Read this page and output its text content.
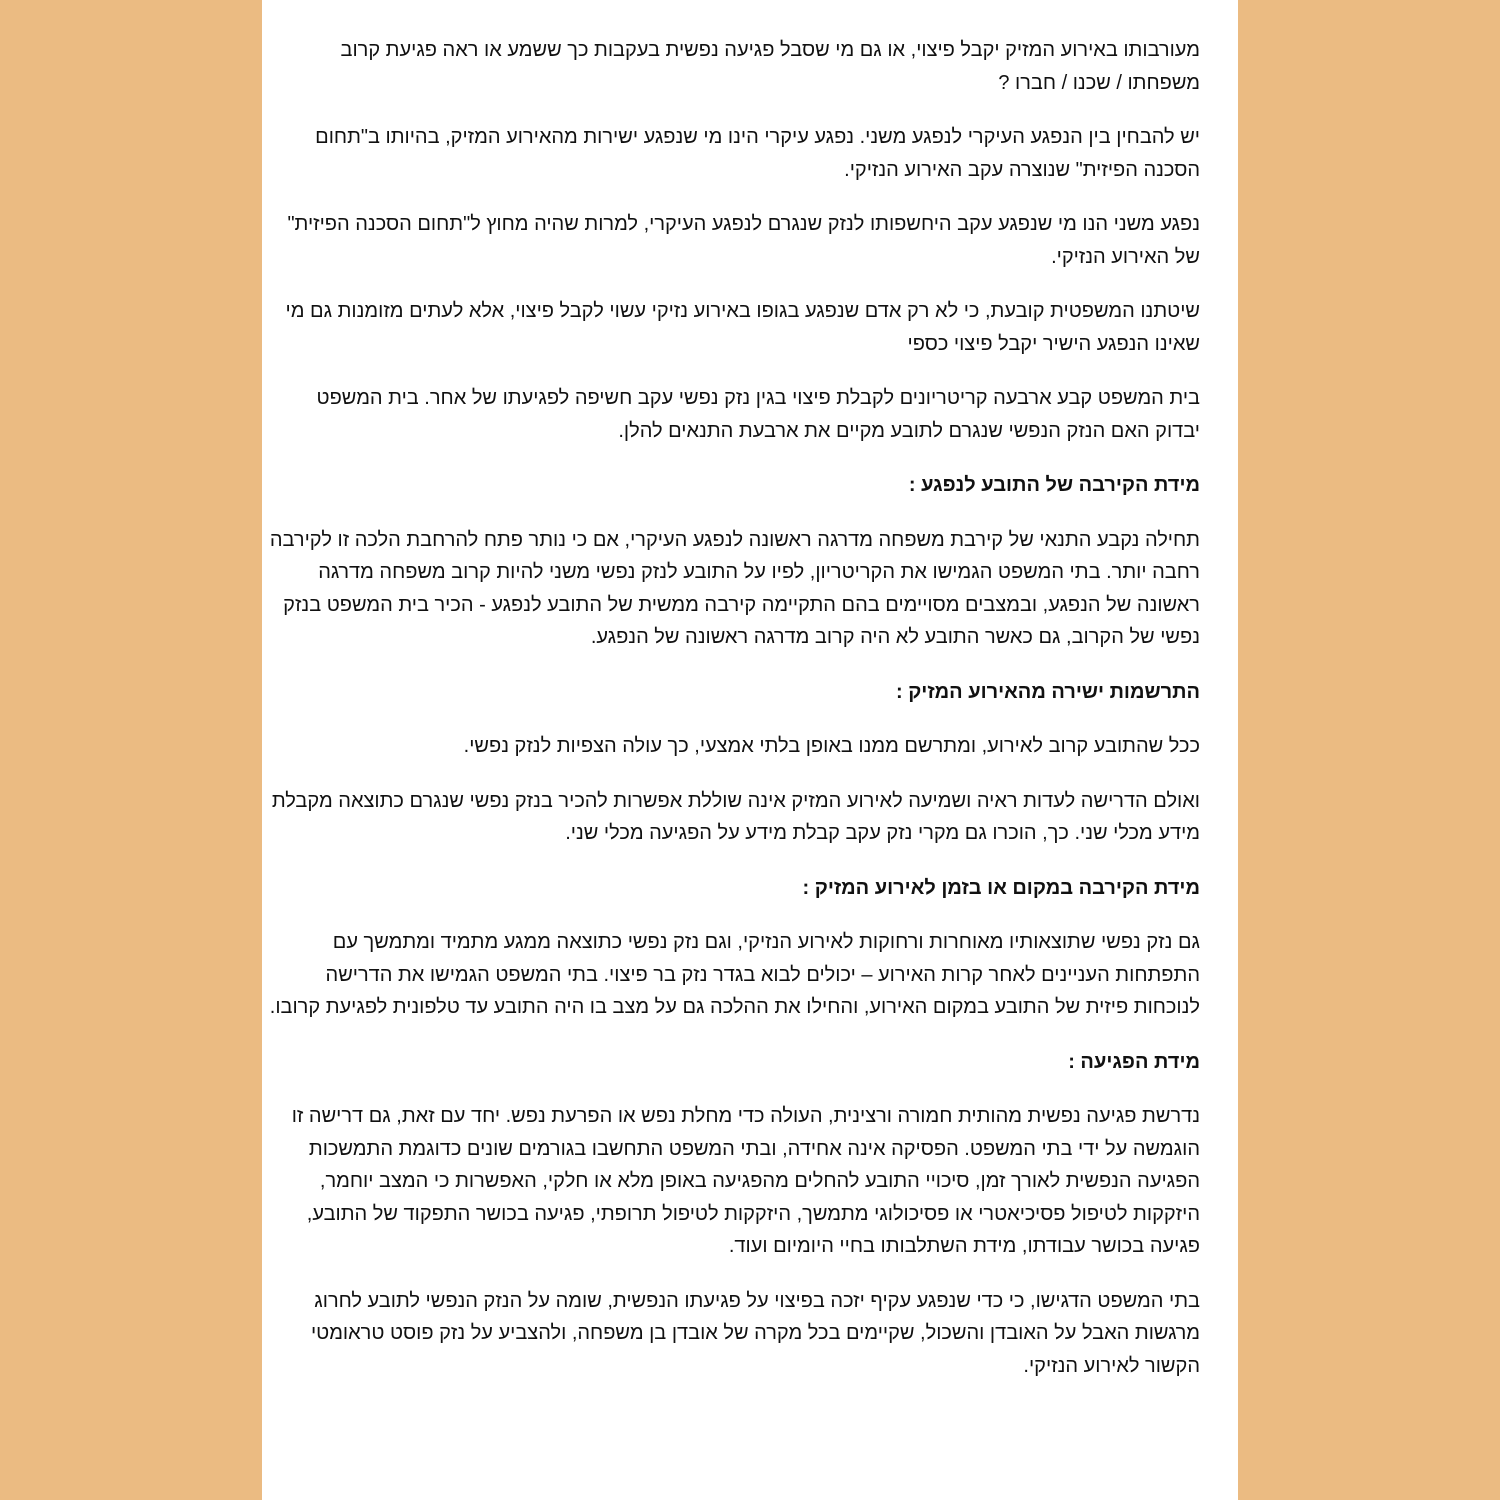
מעורבותו באירוע המזיק יקבל פיצוי, או גם מי שסבל פגיעה נפשית בעקבות כך ששמע או ראה פגיעת קרוב משפחתו / שכנו / חברו ?

יש להבחין בין הנפגע העיקרי לנפגע משני. נפגע עיקרי הינו מי שנפגע ישירות מהאירוע המזיק, בהיותו ב"תחום הסכנה הפיזית" שנוצרה עקב האירוע הנזיקי.

נפגע משני הנו מי שנפגע עקב היחשפותו לנזק שנגרם לנפגע העיקרי, למרות שהיה מחוץ ל"תחום הסכנה הפיזית" של האירוע הנזיקי.

שיטתנו המשפטית קובעת, כי לא רק אדם שנפגע בגופו באירוע נזיקי עשוי לקבל פיצוי, אלא לעתים מזומנות גם מי שאינו הנפגע הישיר יקבל פיצוי כספי

בית המשפט קבע ארבעה קריטריונים לקבלת פיצוי בגין נזק נפשי עקב חשיפה לפגיעתו של אחר. בית המשפט יבדוק האם הנזק הנפשי שנגרם לתובע מקיים את ארבעת התנאים להלן.

מידת הקירבה של התובע לנפגע :

תחילה נקבע התנאי של קירבת משפחה מדרגה ראשונה לנפגע העיקרי, אם כי נותר פתח להרחבת הלכה זו לקירבה רחבה יותר. בתי המשפט הגמישו את הקריטריון, לפיו על התובע לנזק נפשי משני להיות קרוב משפחה מדרגה ראשונה של הנפגע, ובמצבים מסויימים בהם התקיימה קירבה ממשית של התובע לנפגע - הכיר בית המשפט בנזק נפשי של הקרוב, גם כאשר התובע לא היה קרוב מדרגה ראשונה של הנפגע.

התרשמות ישירה מהאירוע המזיק :

ככל שהתובע קרוב לאירוע, ומתרשם ממנו באופן בלתי אמצעי, כך עולה הצפיות לנזק נפשי.

ואולם הדרישה לעדות ראיה ושמיעה לאירוע המזיק אינה שוללת אפשרות להכיר בנזק נפשי שנגרם כתוצאה מקבלת מידע מכלי שני. כך, הוכרו גם מקרי נזק עקב קבלת מידע על הפגיעה מכלי שני.

מידת הקירבה במקום או בזמן לאירוע המזיק :

גם נזק נפשי שתוצאותיו מאוחרות ורחוקות לאירוע הנזיקי, וגם נזק נפשי כתוצאה ממגע מתמיד ומתמשך עם התפתחות העניינים לאחר קרות האירוע – יכולים לבוא בגדר נזק בר פיצוי. בתי המשפט הגמישו את הדרישה לנוכחות פיזית של התובע במקום האירוע, והחילו את ההלכה גם על מצב בו היה התובע עד טלפונית לפגיעת קרובו.

מידת הפגיעה :

נדרשת פגיעה נפשית מהותית חמורה ורצינית, העולה כדי מחלת נפש או הפרעת נפש. יחד עם זאת, גם דרישה זו הוגמשה על ידי בתי המשפט. הפסיקה אינה אחידה, ובתי המשפט התחשבו בגורמים שונים כדוגמת התמשכות הפגיעה הנפשית לאורך זמן, סיכויי התובע להחלים מהפגיעה באופן מלא או חלקי, האפשרות כי המצב יוחמר, היזקקות לטיפול פסיכיאטרי או פסיכולוגי מתמשך, היזקקות לטיפול תרופתי, פגיעה בכושר התפקוד של התובע, פגיעה בכושר עבודתו, מידת השתלבותו בחיי היומיום ועוד.

בתי המשפט הדגישו, כי כדי שנפגע עקיף יזכה בפיצוי על פגיעתו הנפשית, שומה על הנזק הנפשי לתובע לחרוג מרגשות האבל על האובדן והשכול, שקיימים בכל מקרה של אובדן בן משפחה, ולהצביע על נזק פוסט טראומטי הקשור לאירוע הנזיקי.
